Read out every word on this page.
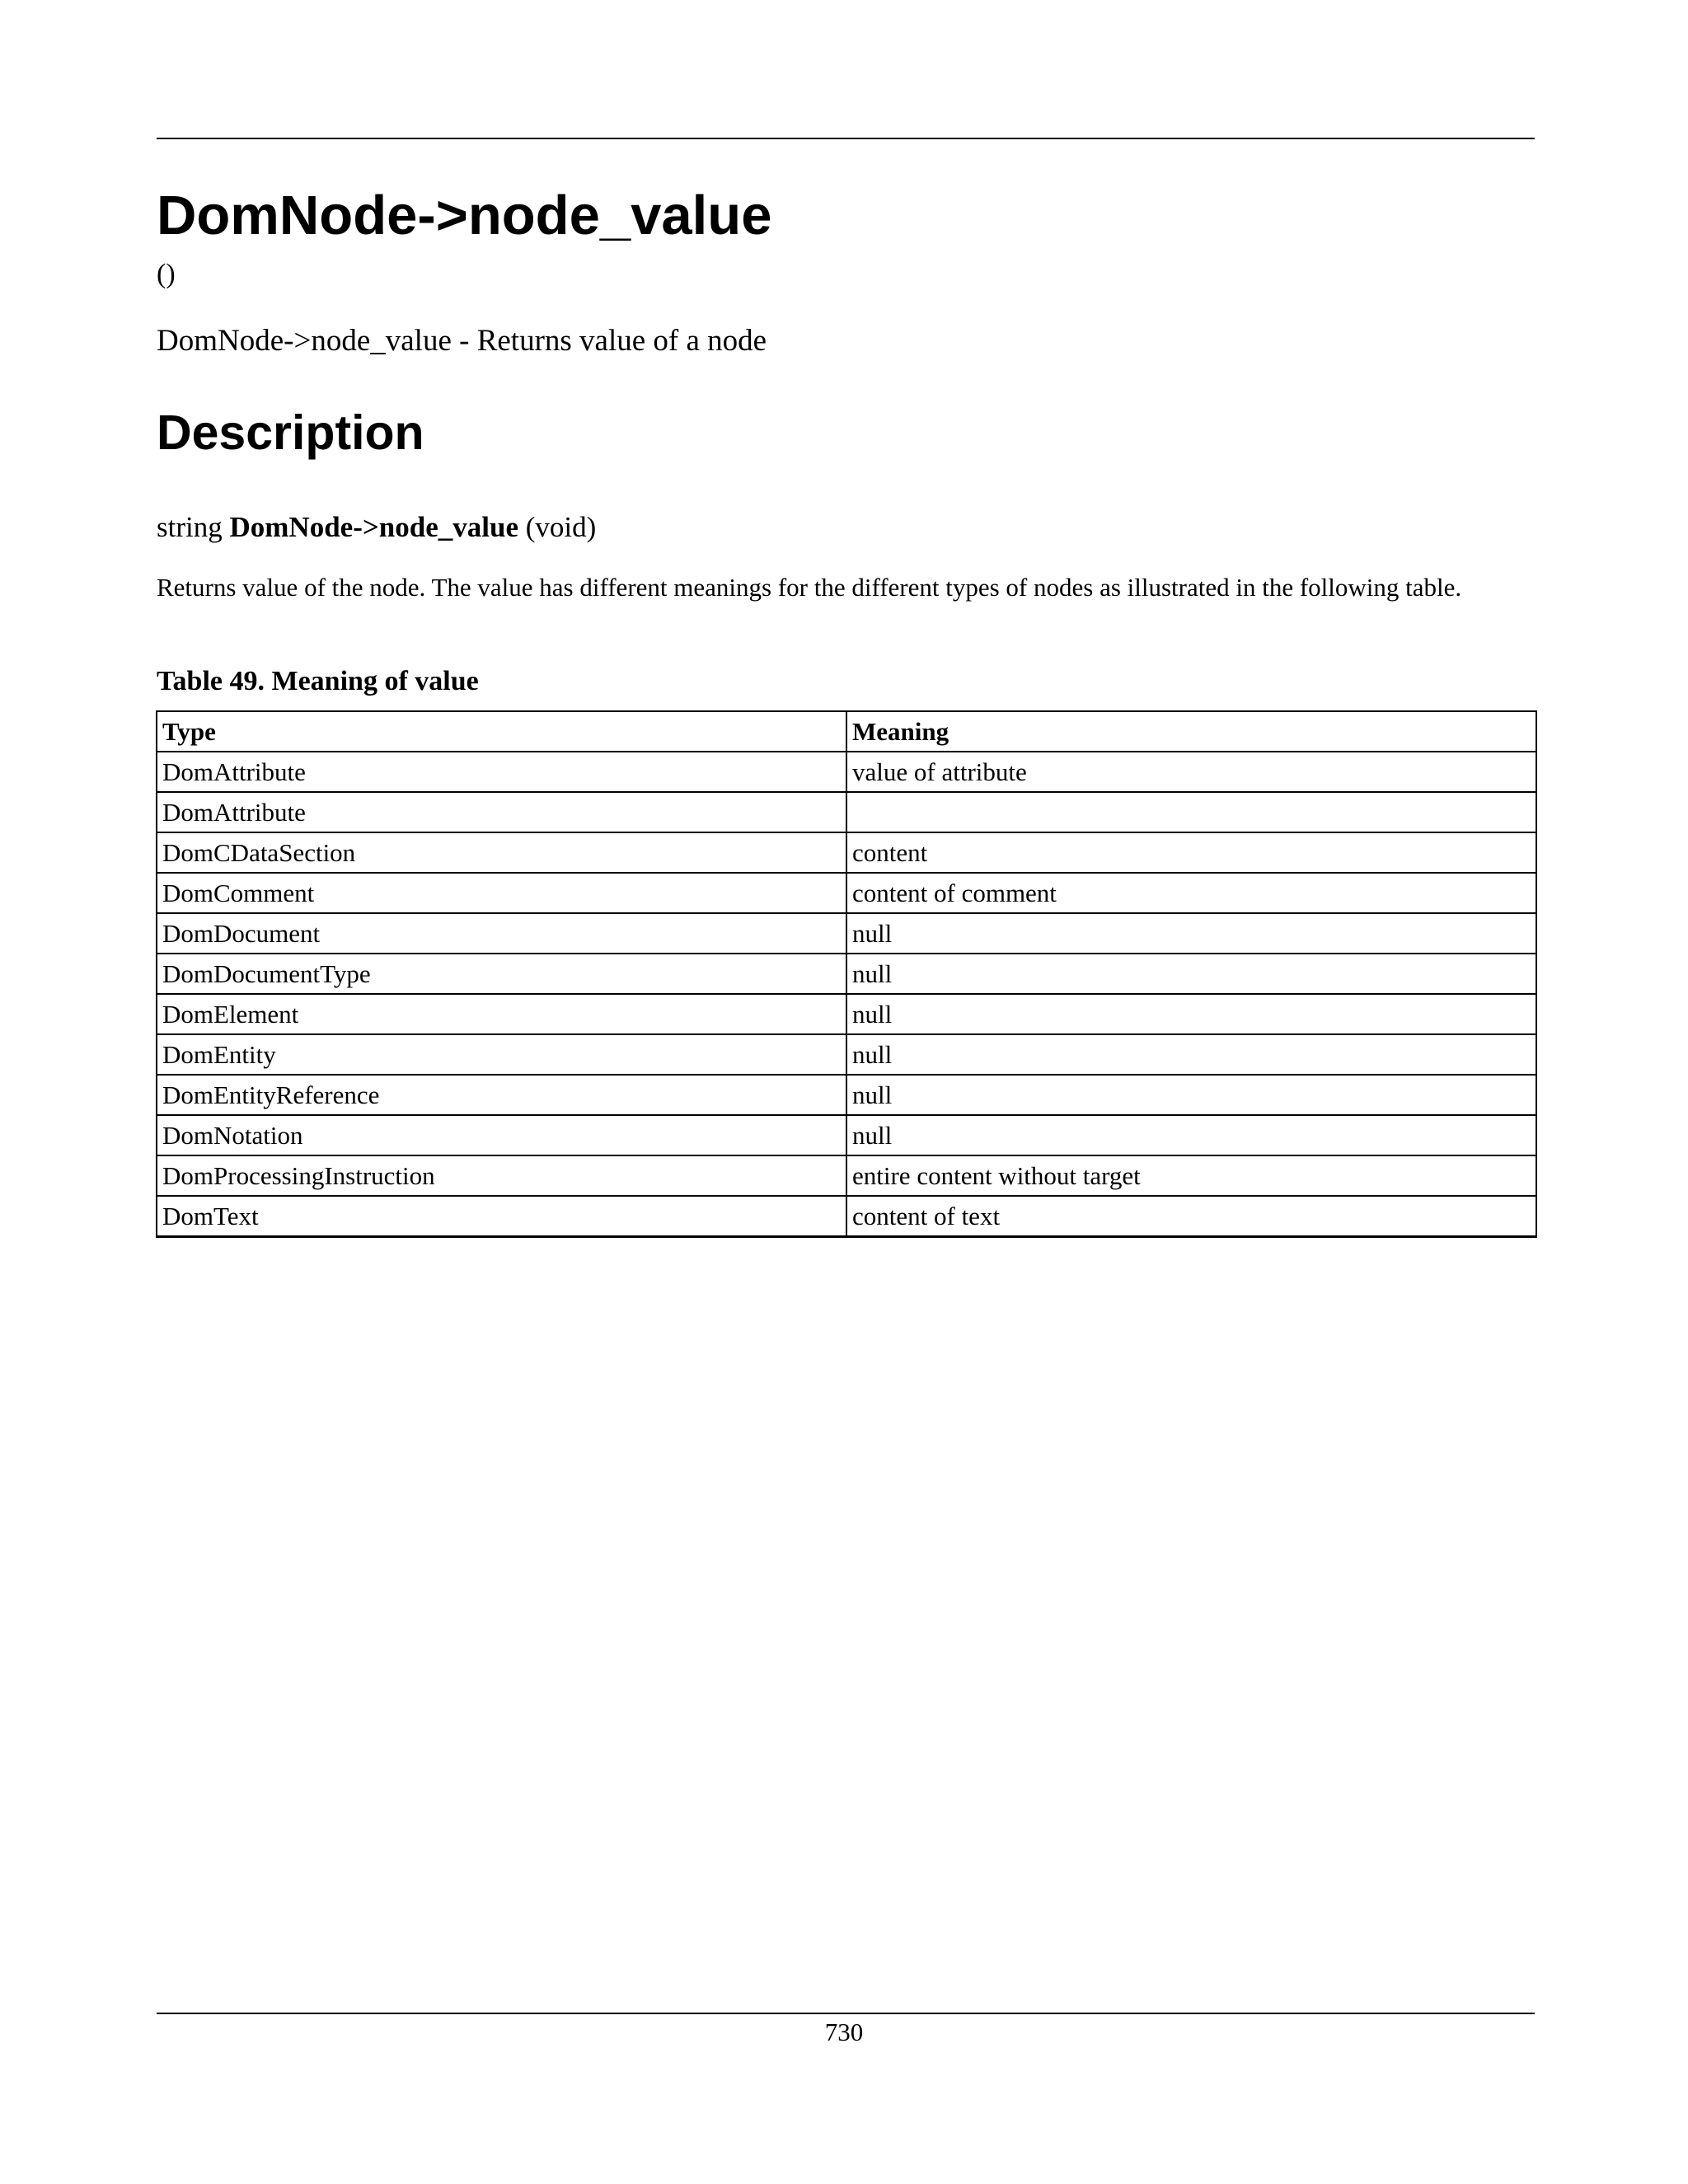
DomNode->node_value
()
DomNode->node_value - Returns value of a node
Description
string DomNode->node_value (void)

Returns value of the node. The value has different meanings for the different types of nodes as illustrated in the following table.

Table 49. Meaning of value
Type	Meaning
DomAttribute	value of attribute
DomAttribute	
DomCDataSection	content
DomComment	content of comment
DomDocument	null
DomDocumentType	null
DomElement	null
DomEntity	null
DomEntityReference	null
DomNotation	null
DomProcessingInstruction	entire content without target
DomText	content of text
730
